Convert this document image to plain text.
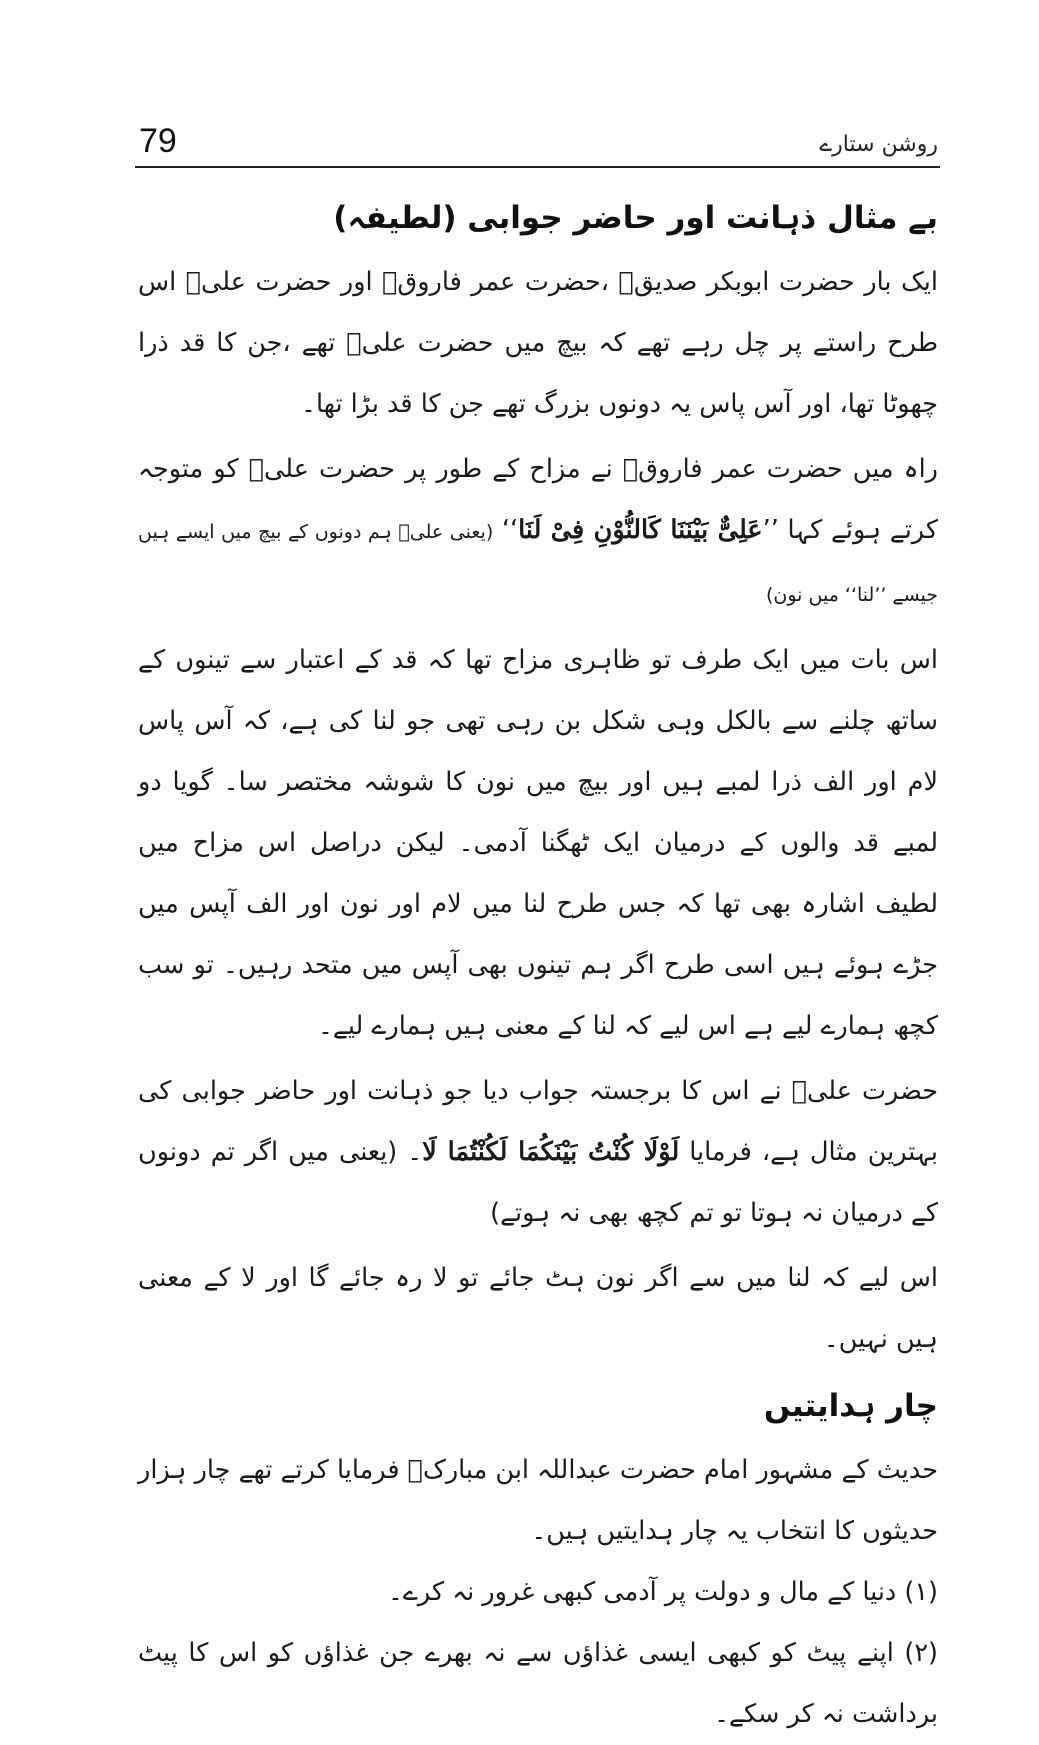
79	روشن ستارے
بے مثال ذہانت اور حاضر جوابی (لطیفہ)

ایک بار حضرت ابوبکر صدیقؓ ،حضرت عمر فاروقؓ اور حضرت علیؓ اس طرح راستے پر چل رہے تھے کہ بیچ میں حضرت علیؓ تھے ،جن کا قد ذرا چھوٹا تھا، اور آس پاس یہ دونوں بزرگ تھے جن کا قد بڑا تھا۔

راہ میں حضرت عمر فاروقؓ نے مزاح کے طور پر حضرت علیؓ کو متوجہ کرتے ہوئے کہا ’’عَلِیٌّ بَیْنَنَا کَالنُّوْنِ فِیْ لَنَا‘‘ (یعنی علیؓ ہم دونوں کے بیچ میں ایسے ہیں جیسے ’’لنا‘‘ میں نون)

اس بات میں ایک طرف تو ظاہری مزاح تھا کہ قد کے اعتبار سے تینوں کے ساتھ چلنے سے بالکل وہی شکل بن رہی تھی جو لنا کی ہے، کہ آس پاس لام اور الف ذرا لمبے ہیں اور بیچ میں نون کا شوشہ مختصر سا۔ گویا دو لمبے قد والوں کے درمیان ایک ٹھگنا آدمی۔ لیکن دراصل اس مزاح میں لطیف اشارہ بھی تھا کہ جس طرح لنا میں لام اور نون اور الف آپس میں جڑے ہوئے ہیں اسی طرح اگر ہم تینوں بھی آپس میں متحد رہیں۔ تو سب کچھ ہمارے لیے ہے اس لیے کہ لنا کے معنی ہیں ہمارے لیے۔

حضرت علیؓ نے اس کا برجستہ جواب دیا جو ذہانت اور حاضر جوابی کی بہترین مثال ہے، فرمایا لَوْلَا کُنْتُ بَیْنَکُمَا لَکُنْتُمَا لَا۔ (یعنی میں اگر تم دونوں کے درمیان نہ ہوتا تو تم کچھ بھی نہ ہوتے)

اس لیے کہ لنا میں سے اگر نون ہٹ جائے تو لا رہ جائے گا اور لا کے معنی ہیں نہیں۔

چار ہدایتیں

حدیث کے مشہور امام حضرت عبداللہ ابن مبارکؒ فرمایا کرتے تھے چار ہزار حدیثوں کا انتخاب یہ چار ہدایتیں ہیں۔

(۱) دنیا کے مال و دولت پر آدمی کبھی غرور نہ کرے۔

(۲) اپنے پیٹ کو کبھی ایسی غذاؤں سے نہ بھرے جن غذاؤں کو اس کا پیٹ برداشت نہ کر سکے۔
